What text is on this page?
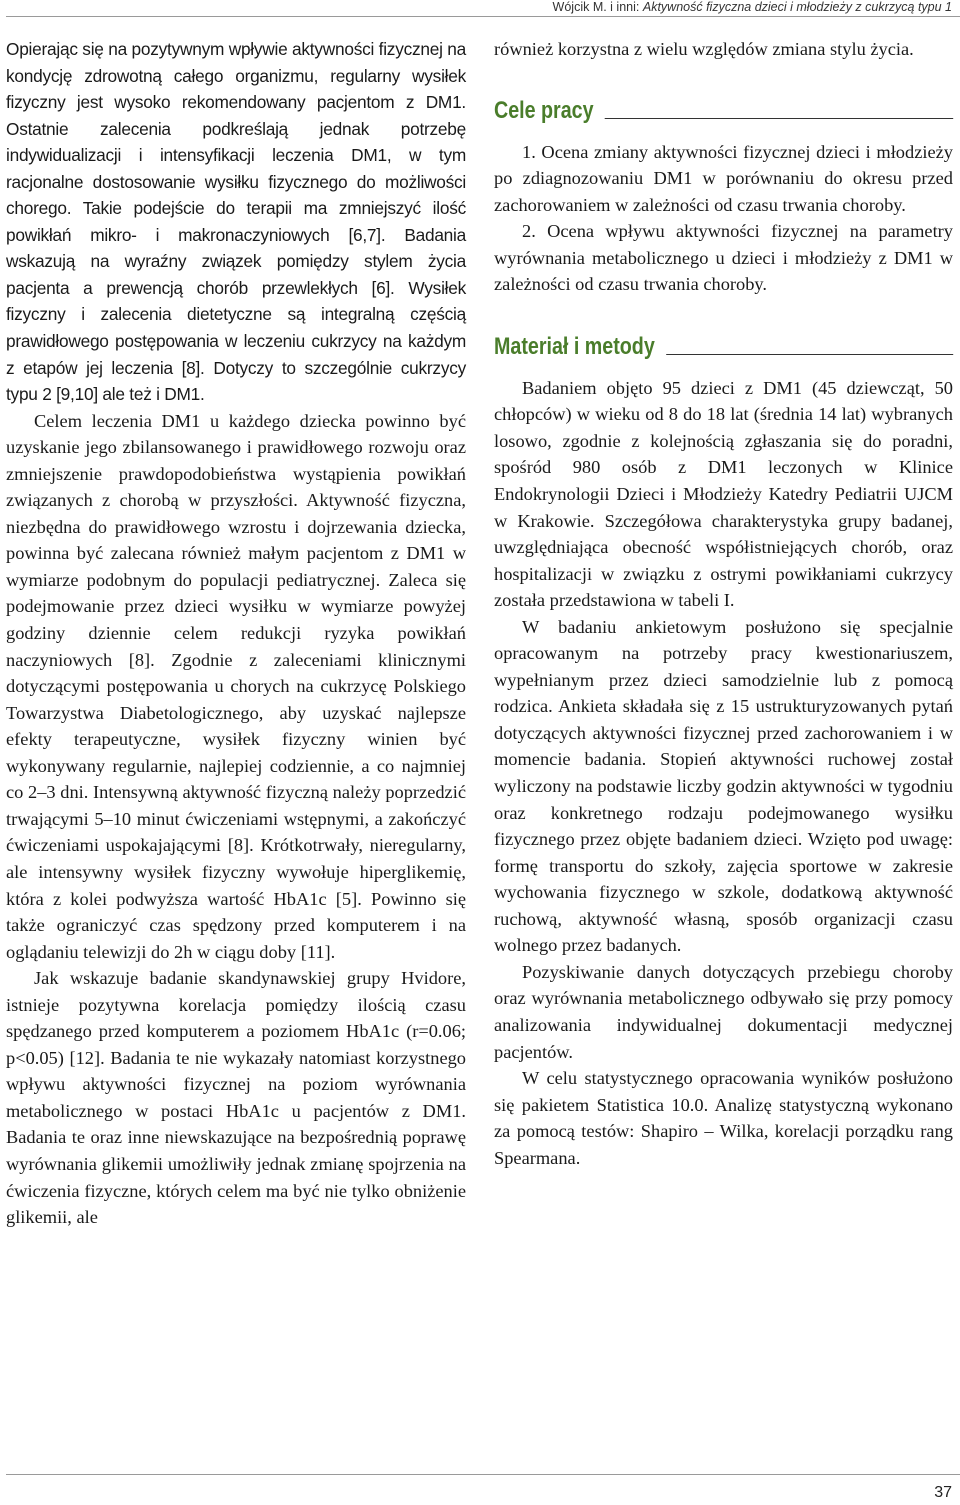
Wójcik M. i inni: Aktywność fizyczna dzieci i młodzieży z cukrzycą typu 1

Opierając się na pozytywnym wpływie aktywności fizycznej na kondycję zdrowotną całego organizmu, regularny wysiłek fizyczny jest wysoko rekomendowany pacjentom z DM1. Ostatnie zalecenia podkreślają jednak potrzebę indywidualizacji i intensyfikacji leczenia DM1, w tym racjonalne dostosowanie wysiłku fizycznego do możliwości chorego. Takie podejście do terapii ma zmniejszyć ilość powikłań mikro- i makronaczyniowych [6,7]. Badania wskazują na wyraźny związek pomiędzy stylem życia pacjenta a prewencją chorób przewlekłych [6]. Wysiłek fizyczny i zalecenia dietetyczne są integralną częścią prawidłowego postępowania w leczeniu cukrzycy na każdym z etapów jej leczenia [8]. Dotyczy to szczególnie cukrzycy typu 2 [9,10] ale też i DM1.

Celem leczenia DM1 u każdego dziecka powinno być uzyskanie jego zbilansowanego i prawidłowego rozwoju oraz zmniejszenie prawdopodobieństwa wystąpienia powikłań związanych z chorobą w przyszłości. Aktywność fizyczna, niezbędna do prawidłowego wzrostu i dojrzewania dziecka, powinna być zalecana również małym pacjentom z DM1 w wymiarze podobnym do populacji pediatrycznej. Zaleca się podejmowanie przez dzieci wysiłku w wymiarze powyżej godziny dziennie celem redukcji ryzyka powikłań naczyniowych [8]. Zgodnie z zaleceniami klinicznymi dotyczącymi postępowania u chorych na cukrzycę Polskiego Towarzystwa Diabetologicznego, aby uzyskać najlepsze efekty terapeutyczne, wysiłek fizyczny winien być wykonywany regularnie, najlepiej codziennie, a co najmniej co 2–3 dni. Intensywną aktywność fizyczną należy poprzedzić trwającymi 5–10 minut ćwiczeniami wstępnymi, a zakończyć ćwiczeniami uspokajającymi [8]. Krótkotrwały, nieregularny, ale intensywny wysiłek fizyczny wywołuje hiperglikemię, która z kolei podwyższa wartość HbA1c [5]. Powinno się także ograniczyć czas spędzony przed komputerem i na oglądaniu telewizji do 2h w ciągu doby [11].

Jak wskazuje badanie skandynawskiej grupy Hvidore, istnieje pozytywna korelacja pomiędzy ilością czasu spędzanego przed komputerem a poziomem HbA1c (r=0.06; p<0.05) [12]. Badania te nie wykazały natomiast korzystnego wpływu aktywności fizycznej na poziom wyrównania metabolicznego w postaci HbA1c u pacjentów z DM1. Badania te oraz inne niewskazujące na bezpośrednią poprawę wyrównania glikemii umożliwiły jednak zmianę spojrzenia na ćwiczenia fizyczne, których celem ma być nie tylko obniżenie glikemii, ale

również korzystna z wielu względów zmiana stylu życia.

Cele pracy

1. Ocena zmiany aktywności fizycznej dzieci i młodzieży po zdiagnozowaniu DM1 w porównaniu do okresu przed zachorowaniem w zależności od czasu trwania choroby.

2. Ocena wpływu aktywności fizycznej na parametry wyrównania metabolicznego u dzieci i młodzieży z DM1 w zależności od czasu trwania choroby.

Materiał i metody

Badaniem objęto 95 dzieci z DM1 (45 dziewcząt, 50 chłopców) w wieku od 8 do 18 lat (średnia 14 lat) wybranych losowo, zgodnie z kolejnością zgłaszania się do poradni, spośród 980 osób z DM1 leczonych w Klinice Endokrynologii Dzieci i Młodzieży Katedry Pediatrii UJCM w Krakowie. Szczegółowa charakterystyka grupy badanej, uwzględniająca obecność współistniejących chorób, oraz hospitalizacji w związku z ostrymi powikłaniami cukrzycy została przedstawiona w tabeli I.

W badaniu ankietowym posłużono się specjalnie opracowanym na potrzeby pracy kwestionariuszem, wypełnianym przez dzieci samodzielnie lub z pomocą rodzica. Ankieta składała się z 15 ustrukturyzowanych pytań dotyczących aktywności fizycznej przed zachorowaniem i w momencie badania. Stopień aktywności ruchowej został wyliczony na podstawie liczby godzin aktywności w tygodniu oraz konkretnego rodzaju podejmowanego wysiłku fizycznego przez objęte badaniem dzieci. Wzięto pod uwagę: formę transportu do szkoły, zajęcia sportowe w zakresie wychowania fizycznego w szkole, dodatkową aktywność ruchową, aktywność własną, sposób organizacji czasu wolnego przez badanych.

Pozyskiwanie danych dotyczących przebiegu choroby oraz wyrównania metabolicznego odbywało się przy pomocy analizowania indywidualnej dokumentacji medycznej pacjentów.

W celu statystycznego opracowania wyników posłużono się pakietem Statistica 10.0. Analizę statystyczną wykonano za pomocą testów: Shapiro – Wilka, korelacji porządku rang Spearmana.

37
